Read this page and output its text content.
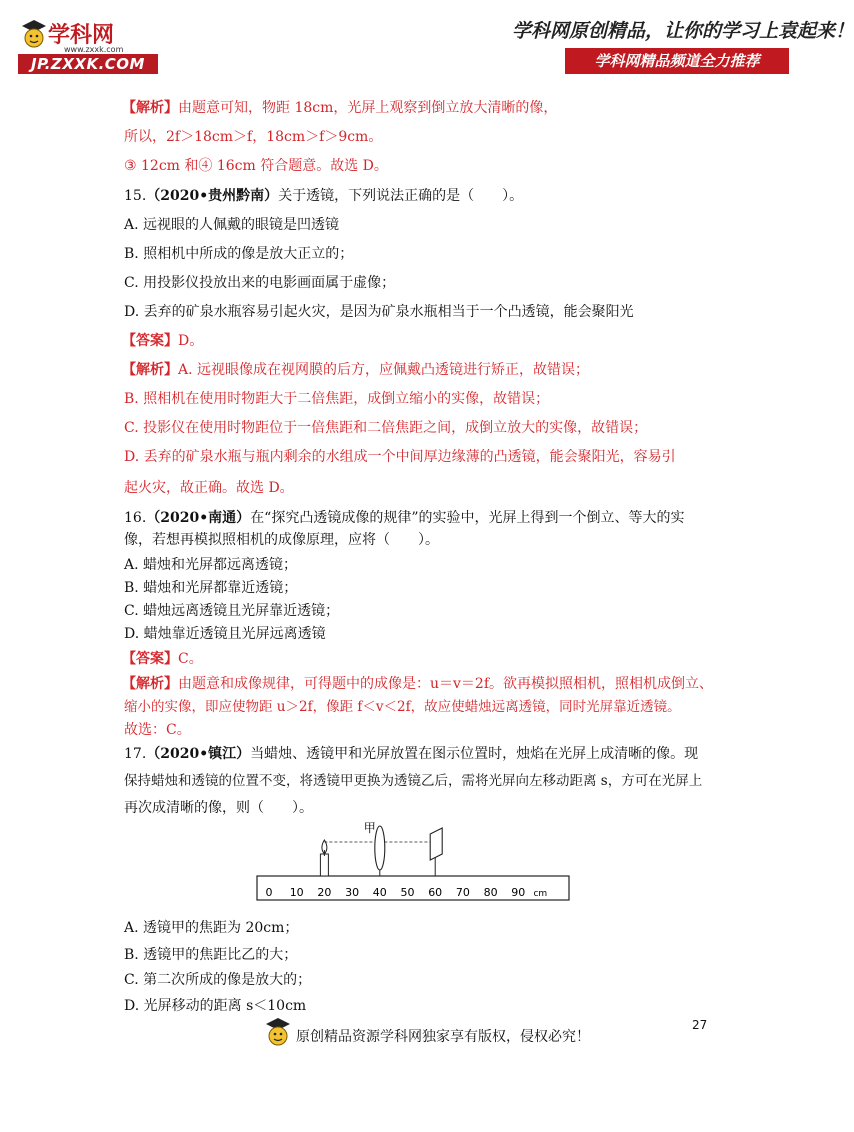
学科网
www.zxxk.com
JP.ZXXK.COM
学科网原创精品，让你的学习上袁起来！
学科网精品频道全力推荐
【解析】由题意可知，物距 18cm，光屏上观察到倒立放大清晰的像，
所以，2f＞18cm＞f，18cm＞f＞9cm。
③ 12cm 和④ 16cm 符合题意。故选 D。
15.（2020•贵州黔南）关于透镜，下列说法正确的是（　　）。
A. 远视眼的人佩戴的眼镜是凹透镜
B. 照相机中所成的像是放大正立的；
C. 用投影仪投放出来的电影画面属于虚像；
D. 丢弃的矿泉水瓶容易引起火灾，是因为矿泉水瓶相当于一个凸透镜，能会聚阳光
【答案】D。
【解析】A. 远视眼像成在视网膜的后方，应佩戴凸透镜进行矫正，故错误；
B. 照相机在使用时物距大于二倍焦距，成倒立缩小的实像，故错误；
C. 投影仪在使用时物距位于一倍焦距和二倍焦距之间，成倒立放大的实像，故错误；
D. 丢弃的矿泉水瓶与瓶内剩余的水组成一个中间厚边缘薄的凸透镜，能会聚阳光，容易引
起火灾，故正确。故选 D。
16.（2020•南通）在“探究凸透镜成像的规律”的实验中，光屏上得到一个倒立、等大的实
像，若想再模拟照相机的成像原理，应将（　　）。
A. 蜡烛和光屏都远离透镜；
B. 蜡烛和光屏都靠近透镜；
C. 蜡烛远离透镜且光屏靠近透镜；
D. 蜡烛靠近透镜且光屏远离透镜
【答案】C。
【解析】由题意和成像规律，可得题中的成像是：u＝v＝2f。欲再模拟照相机，照相机成倒立、
缩小的实像，即应使物距 u＞2f，像距 f＜v＜2f，故应使蜡烛远离透镜，同时光屏靠近透镜。
故选：C。
17.（2020•镇江）当蜡烛、透镜甲和光屏放置在图示位置时，烛焰在光屏上成清晰的像。现
保持蜡烛和透镜的位置不变，将透镜甲更换为透镜乙后，需将光屏向左移动距离 s，方可在光屏上
再次成清晰的像，则（　　）。
0 10 20 30 40 50 60 70 80 90 cm
甲
A. 透镜甲的焦距为 20cm；
B. 透镜甲的焦距比乙的大；
C. 第二次所成的像是放大的；
D. 光屏移动的距离 s＜10cm
27
原创精品资源学科网独家享有版权，侵权必究！
